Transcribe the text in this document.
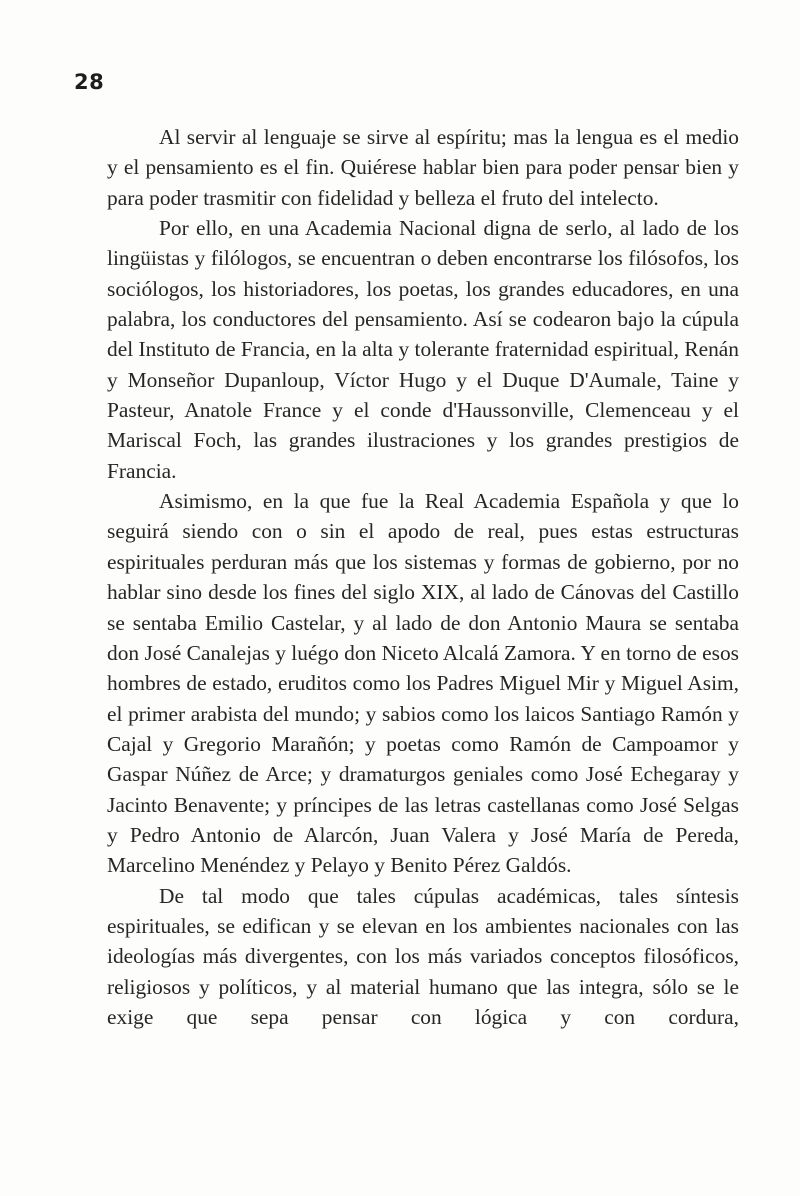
28

Al servir al lenguaje se sirve al espíritu; mas la lengua es el medio y el pensamiento es el fin. Quiérese hablar bien para poder pensar bien y para poder trasmitir con fidelidad y belleza el fruto del intelecto.

Por ello, en una Academia Nacional digna de serlo, al lado de los lingüistas y filólogos, se encuentran o deben encontrarse los filósofos, los sociólogos, los historiadores, los poetas, los grandes educadores, en una palabra, los conductores del pensamiento. Así se codearon bajo la cúpula del Instituto de Francia, en la alta y tolerante fraternidad espiritual, Renán y Monseñor Dupanloup, Víctor Hugo y el Duque D'Aumale, Taine y Pasteur, Anatole France y el conde d'Haussonville, Clemenceau y el Mariscal Foch, las grandes ilustraciones y los grandes prestigios de Francia.

Asimismo, en la que fue la Real Academia Española y que lo seguirá siendo con o sin el apodo de real, pues estas estructuras espirituales perduran más que los sistemas y formas de gobierno, por no hablar sino desde los fines del siglo XIX, al lado de Cánovas del Castillo se sentaba Emilio Castelar, y al lado de don Antonio Maura se sentaba don José Canalejas y luégo don Niceto Alcalá Zamora. Y en torno de esos hombres de estado, eruditos como los Padres Miguel Mir y Miguel Asim, el primer arabista del mundo; y sabios como los laicos Santiago Ramón y Cajal y Gregorio Marañón; y poetas como Ramón de Campoamor y Gaspar Núñez de Arce; y dramaturgos geniales como José Echegaray y Jacinto Benavente; y príncipes de las letras castellanas como José Selgas y Pedro Antonio de Alarcón, Juan Valera y José María de Pereda, Marcelino Menéndez y Pelayo y Benito Pérez Galdós.

De tal modo que tales cúpulas académicas, tales síntesis espirituales, se edifican y se elevan en los ambientes nacionales con las ideologías más divergentes, con los más variados conceptos filosóficos, religiosos y políticos, y al material humano que las integra, sólo se le exige que sepa pensar con lógica y con cordura,
